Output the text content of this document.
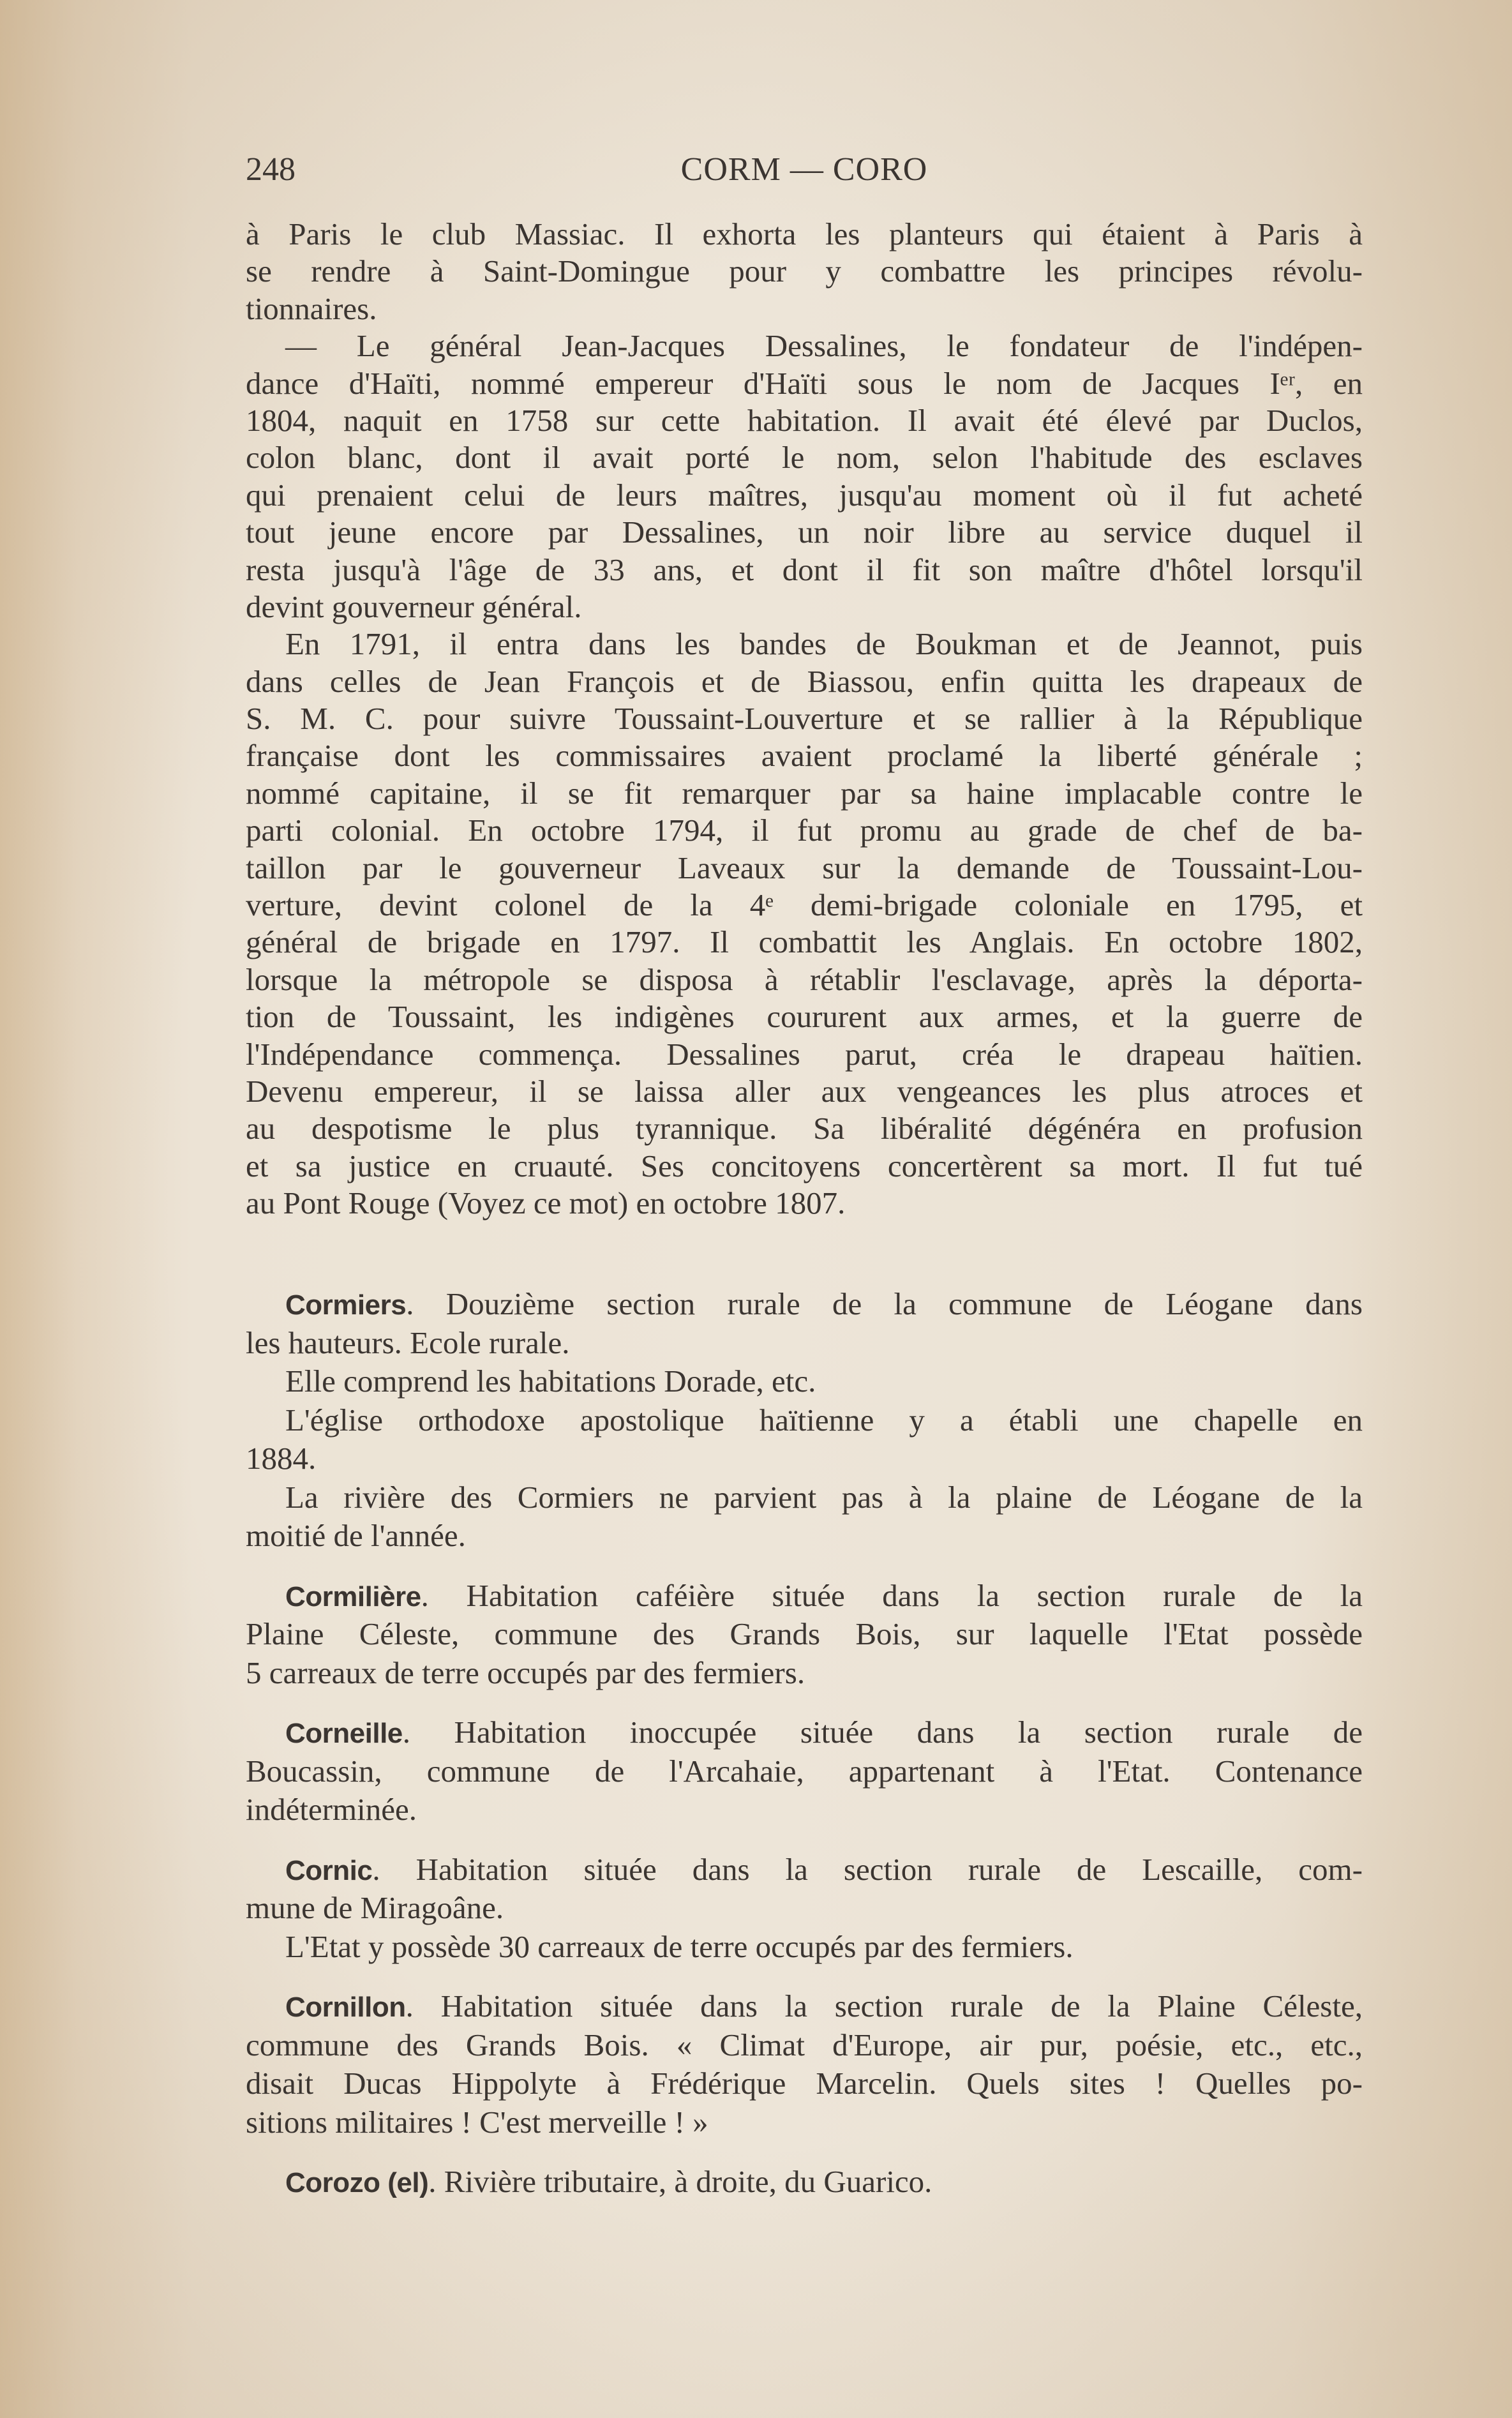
248	CORM — CORO
à Paris le club Massiac. Il exhorta les planteurs qui étaient à Paris à
se rendre à Saint-Domingue pour y combattre les principes révolu-
tionnaires.
— Le général Jean-Jacques Dessalines, le fondateur de l'indépen-
dance d'Haïti, nommé empereur d'Haïti sous le nom de Jacques Iᵉʳ, en
1804, naquit en 1758 sur cette habitation. Il avait été élevé par Duclos,
colon blanc, dont il avait porté le nom, selon l'habitude des esclaves
qui prenaient celui de leurs maîtres, jusqu'au moment où il fut acheté
tout jeune encore par Dessalines, un noir libre au service duquel il
resta jusqu'à l'âge de 33 ans, et dont il fit son maître d'hôtel lorsqu'il
devint gouverneur général.
En 1791, il entra dans les bandes de Boukman et de Jeannot, puis
dans celles de Jean François et de Biassou, enfin quitta les drapeaux de
S. M. C. pour suivre Toussaint-Louverture et se rallier à la République
française dont les commissaires avaient proclamé la liberté générale ;
nommé capitaine, il se fit remarquer par sa haine implacable contre le
parti colonial. En octobre 1794, il fut promu au grade de chef de ba-
taillon par le gouverneur Laveaux sur la demande de Toussaint-Lou-
verture, devint colonel de la 4ᵉ demi-brigade coloniale en 1795, et
général de brigade en 1797. Il combattit les Anglais. En octobre 1802,
lorsque la métropole se disposa à rétablir l'esclavage, après la déporta-
tion de Toussaint, les indigènes coururent aux armes, et la guerre de
l'Indépendance commença. Dessalines parut, créa le drapeau haïtien.
Devenu empereur, il se laissa aller aux vengeances les plus atroces et
au despotisme le plus tyrannique. Sa libéralité dégénéra en profusion
et sa justice en cruauté. Ses concitoyens concertèrent sa mort. Il fut tué
au Pont Rouge (Voyez ce mot) en octobre 1807.
Cormiers. Douzième section rurale de la commune de Léogane dans
les hauteurs. Ecole rurale.
Elle comprend les habitations Dorade, etc.
L'église orthodoxe apostolique haïtienne y a établi une chapelle en
1884.
La rivière des Cormiers ne parvient pas à la plaine de Léogane de la
moitié de l'année.
Cormilière. Habitation caféière située dans la section rurale de la
Plaine Céleste, commune des Grands Bois, sur laquelle l'Etat possède
5 carreaux de terre occupés par des fermiers.
Corneille. Habitation inoccupée située dans la section rurale de
Boucassin, commune de l'Arcahaie, appartenant à l'Etat. Contenance
indéterminée.
Cornic. Habitation située dans la section rurale de Lescaille, com-
mune de Miragoâne.
L'Etat y possède 30 carreaux de terre occupés par des fermiers.
Cornillon. Habitation située dans la section rurale de la Plaine Céleste,
commune des Grands Bois. « Climat d'Europe, air pur, poésie, etc., etc.,
disait Ducas Hippolyte à Frédérique Marcelin. Quels sites ! Quelles po-
sitions militaires ! C'est merveille ! »
Corozo (el). Rivière tributaire, à droite, du Guarico.
